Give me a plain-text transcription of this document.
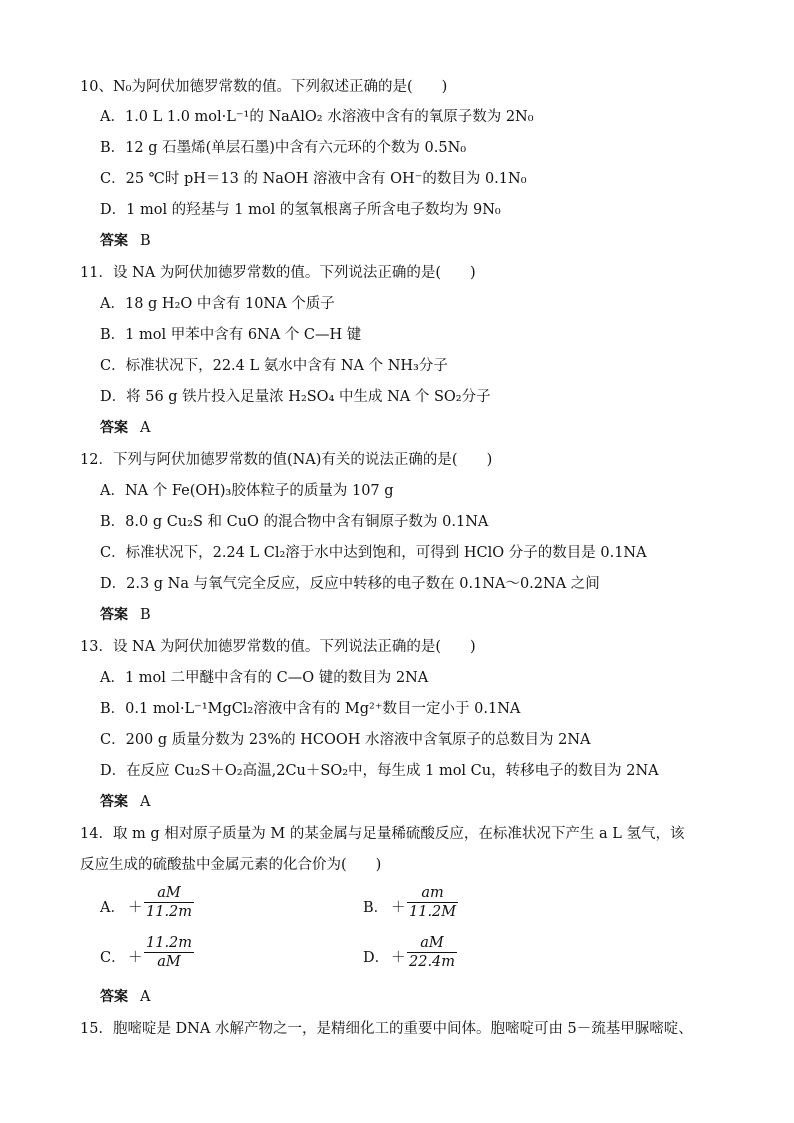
10、N₀为阿伏加德罗常数的值。下列叙述正确的是(　　)
A．1.0 L 1.0 mol·L⁻¹的 NaAlO₂ 水溶液中含有的氧原子数为 2N₀
B．12 g 石墨烯(单层石墨)中含有六元环的个数为 0.5N₀
C．25 ℃时 pH＝13 的 NaOH 溶液中含有 OH⁻的数目为 0.1N₀
D．1 mol 的羟基与 1 mol 的氢氧根离子所含电子数均为 9N₀
答案 B
11．设 NA 为阿伏加德罗常数的值。下列说法正确的是(　　)
A．18 g H₂O 中含有 10NA 个质子
B．1 mol 甲苯中含有 6NA 个 C—H 键
C．标准状况下，22.4 L 氨水中含有 NA 个 NH₃分子
D．将 56 g 铁片投入足量浓 H₂SO₄ 中生成 NA 个 SO₂分子
答案 A
12．下列与阿伏加德罗常数的值(NA)有关的说法正确的是(　　)
A．NA 个 Fe(OH)₃胶体粒子的质量为 107 g
B．8.0 g Cu₂S 和 CuO 的混合物中含有铜原子数为 0.1NA
C．标准状况下，2.24 L Cl₂溶于水中达到饱和，可得到 HClO 分子的数目是 0.1NA
D．2.3 g Na 与氧气完全反应，反应中转移的电子数在 0.1NA～0.2NA 之间
答案 B
13．设 NA 为阿伏加德罗常数的值。下列说法正确的是(　　)
A．1 mol 二甲醚中含有的 C—O 键的数目为 2NA
B．0.1 mol·L⁻¹MgCl₂溶液中含有的 Mg²⁺数目一定小于 0.1NA
C．200 g 质量分数为 23%的 HCOOH 水溶液中含氧原子的总数目为 2NA
D．在反应 Cu₂S＋O₂高温,2Cu＋SO₂中，每生成 1 mol Cu，转移电子的数目为 2NA
答案 A
14．取 m g 相对原子质量为 M 的某金属与足量稀硫酸反应，在标准状况下产生 a L 氢气，该
反应生成的硫酸盐中金属元素的化合价为(　　)
A． ＋
aM
11.2m	B． ＋
am
11.2M
C． ＋
11.2m
aM	D． ＋
aM
22.4m
答案 A
15．胞嘧啶是 DNA 水解产物之一，是精细化工的重要中间体。胞嘧啶可由 5－巯基甲脲嘧啶、
